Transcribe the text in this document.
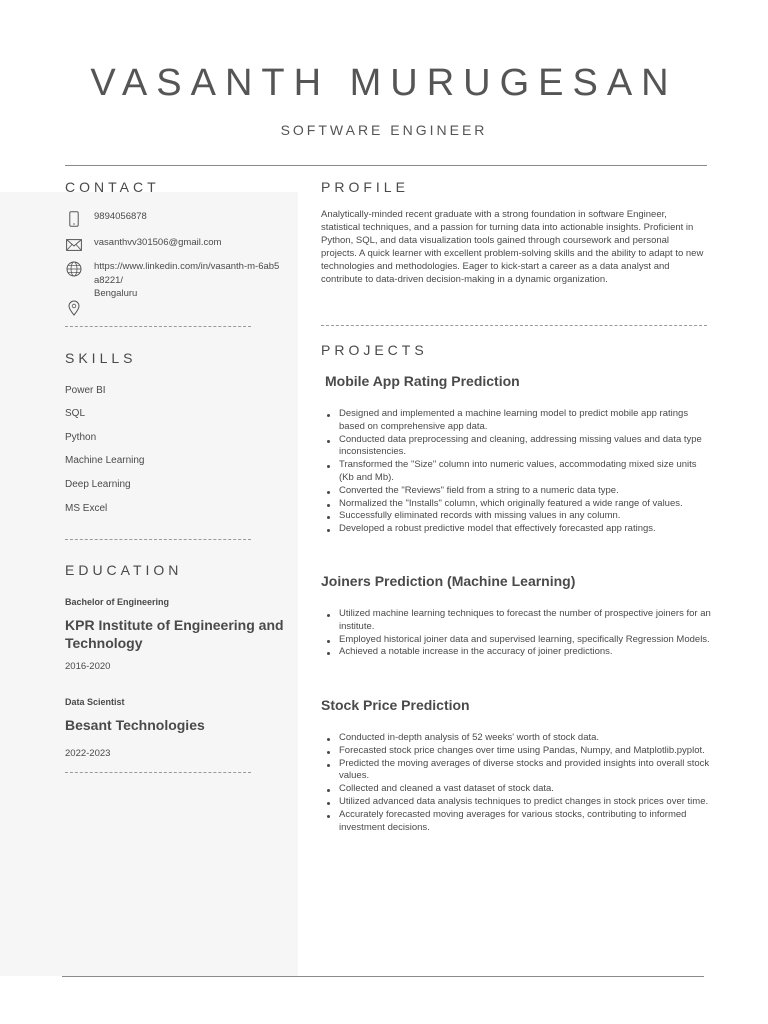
VASANTH MURUGESAN
SOFTWARE ENGINEER
CONTACT
9894056878
vasanthvv301506@gmail.com
https://www.linkedin.com/in/vasanth-m-6ab5a8221/
Bengaluru
SKILLS
Power BI
SQL
Python
Machine Learning
Deep Learning
MS Excel
EDUCATION
Bachelor of Engineering
KPR Institute of Engineering and Technology
2016-2020
Data Scientist
Besant Technologies
2022-2023
PROFILE

Analytically-minded recent graduate with a strong foundation in software Engineer, statistical techniques, and a passion for turning data into actionable insights. Proficient in Python, SQL, and data visualization tools gained through coursework and personal projects. A quick learner with excellent problem-solving skills and the ability to adapt to new technologies and methodologies. Eager to kick-start a career as a data analyst and contribute to data-driven decision-making in a dynamic organization.

PROJECTS
Mobile App Rating Prediction
Designed and implemented a machine learning model to predict mobile app ratings based on comprehensive app data.
Conducted data preprocessing and cleaning, addressing missing values and data type inconsistencies.
Transformed the "Size" column into numeric values, accommodating mixed size units (Kb and Mb).
Converted the "Reviews" field from a string to a numeric data type.
Normalized the "Installs" column, which originally featured a wide range of values.
Successfully eliminated records with missing values in any column.
Developed a robust predictive model that effectively forecasted app ratings.
Joiners Prediction (Machine Learning)
Utilized machine learning techniques to forecast the number of prospective joiners for an institute.
Employed historical joiner data and supervised learning, specifically Regression Models.
Achieved a notable increase in the accuracy of joiner predictions.
Stock Price Prediction
Conducted in-depth analysis of 52 weeks' worth of stock data.
Forecasted stock price changes over time using Pandas, Numpy, and Matplotlib.pyplot.
Predicted the moving averages of diverse stocks and provided insights into overall stock values.
Collected and cleaned a vast dataset of stock data.
Utilized advanced data analysis techniques to predict changes in stock prices over time.
Accurately forecasted moving averages for various stocks, contributing to informed investment decisions.
